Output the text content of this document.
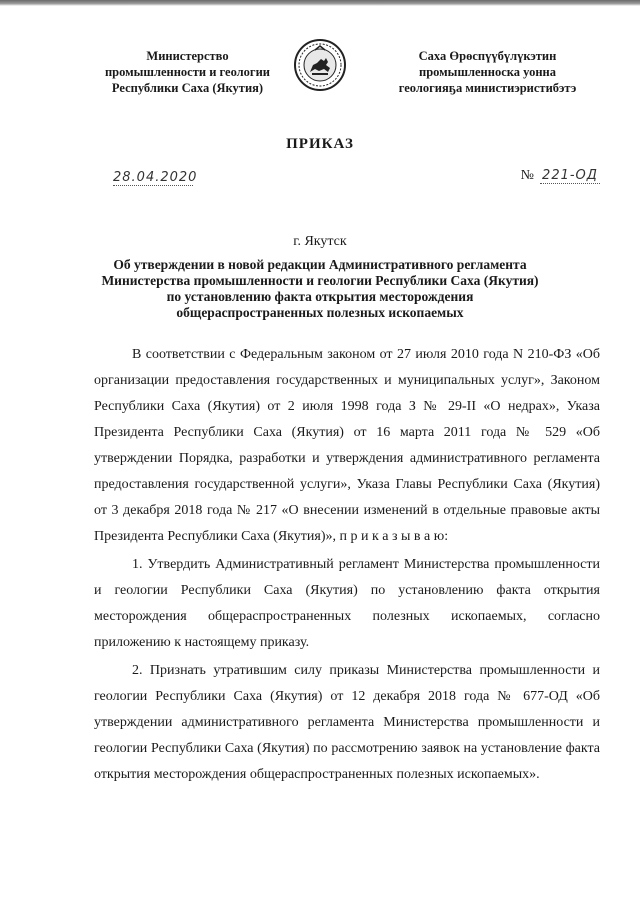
Министерство
промышленности и геологии
Республики Саха (Якутия)
Саха Өрөспүүбүлүкэтин
промышленноска уонна
геологияҕа министиэристибэтэ
ПРИКАЗ
28.04.2020	№ 221-ОД
г. Якутск
Об утверждении в новой редакции Административного регламента
Министерства промышленности и геологии Республики Саха (Якутия)
по установлению факта открытия месторождения
общераспространенных полезных ископаемых

В соответствии с Федеральным законом от 27 июля 2010 года N 210-ФЗ «Об организации предоставления государственных и муниципальных услуг», Законом Республики Саха (Якутия) от 2 июля 1998 года З № 29-II «О недрах», Указа Президента Республики Саха (Якутия) от 16 марта 2011 года № 529 «Об утверждении Порядка, разработки и утверждения административного регламента предоставления государственной услуги», Указа Главы Республики Саха (Якутия) от 3 декабря 2018 года № 217 «О внесении изменений в отдельные правовые акты Президента Республики Саха (Якутия)», п р и к а з ы в а ю:

1. Утвердить Административный регламент Министерства промышленности и геологии Республики Саха (Якутия) по установлению факта открытия месторождения общераспространенных полезных ископаемых, согласно приложению к настоящему приказу.

2. Признать утратившим силу приказы Министерства промышленности и геологии Республики Саха (Якутия) от 12 декабря 2018 года № 677-ОД «Об утверждении административного регламента Министерства промышленности и геологии Республики Саха (Якутия) по рассмотрению заявок на установление факта открытия месторождения общераспространенных полезных ископаемых».
